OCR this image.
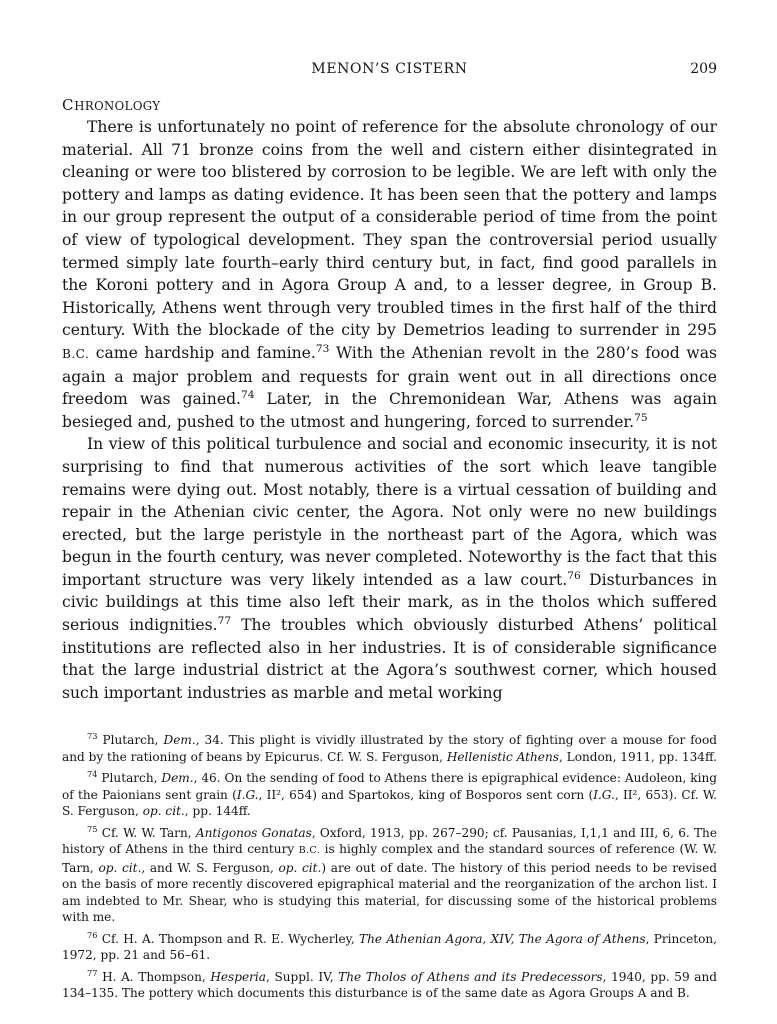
MENON’S CISTERN	209
CHRONOLOGY

There is unfortunately no point of reference for the absolute chronology of our material. All 71 bronze coins from the well and cistern either disintegrated in cleaning or were too blistered by corrosion to be legible. We are left with only the pottery and lamps as dating evidence. It has been seen that the pottery and lamps in our group represent the output of a considerable period of time from the point of view of typological development. They span the controversial period usually termed simply late fourth–early third century but, in fact, find good parallels in the Koroni pottery and in Agora Group A and, to a lesser degree, in Group B. Historically, Athens went through very troubled times in the first half of the third century. With the blockade of the city by Demetrios leading to surrender in 295 B.C. came hardship and famine.$^{73}$ With the Athenian revolt in the 280’s food was again a major problem and requests for grain went out in all directions once freedom was gained.$^{74}$ Later, in the Chremonidean War, Athens was again besieged and, pushed to the utmost and hungering, forced to surrender.$^{75}$

In view of this political turbulence and social and economic insecurity, it is not surprising to find that numerous activities of the sort which leave tangible remains were dying out. Most notably, there is a virtual cessation of building and repair in the Athenian civic center, the Agora. Not only were no new buildings erected, but the large peristyle in the northeast part of the Agora, which was begun in the fourth century, was never completed. Noteworthy is the fact that this important structure was very likely intended as a law court.$^{76}$ Disturbances in civic buildings at this time also left their mark, as in the tholos which suffered serious indignities.$^{77}$ The troubles which obviously disturbed Athens’ political institutions are reflected also in her industries. It is of considerable significance that the large industrial district at the Agora’s southwest corner, which housed such important industries as marble and metal working

$^{73}$ Plutarch, Dem., 34. This plight is vividly illustrated by the story of fighting over a mouse for food and by the rationing of beans by Epicurus. Cf. W. S. Ferguson, Hellenistic Athens, London, 1911, pp. 134ff.

$^{74}$ Plutarch, Dem., 46. On the sending of food to Athens there is epigraphical evidence: Audoleon, king of the Paionians sent grain (I.G., II², 654) and Spartokos, king of Bosporos sent corn (I.G., II², 653). Cf. W. S. Ferguson, op. cit., pp. 144ff.

$^{75}$ Cf. W. W. Tarn, Antigonos Gonatas, Oxford, 1913, pp. 267–290; cf. Pausanias, I,1,1 and III, 6, 6. The history of Athens in the third century B.C. is highly complex and the standard sources of reference (W. W. Tarn, op. cit., and W. S. Ferguson, op. cit.) are out of date. The history of this period needs to be revised on the basis of more recently discovered epigraphical material and the reorganization of the archon list. I am indebted to Mr. Shear, who is studying this material, for discussing some of the historical problems with me.

$^{76}$ Cf. H. A. Thompson and R. E. Wycherley, The Athenian Agora, XIV, The Agora of Athens, Princeton, 1972, pp. 21 and 56–61.

$^{77}$ H. A. Thompson, Hesperia, Suppl. IV, The Tholos of Athens and its Predecessors, 1940, pp. 59 and 134–135. The pottery which documents this disturbance is of the same date as Agora Groups A and B.
